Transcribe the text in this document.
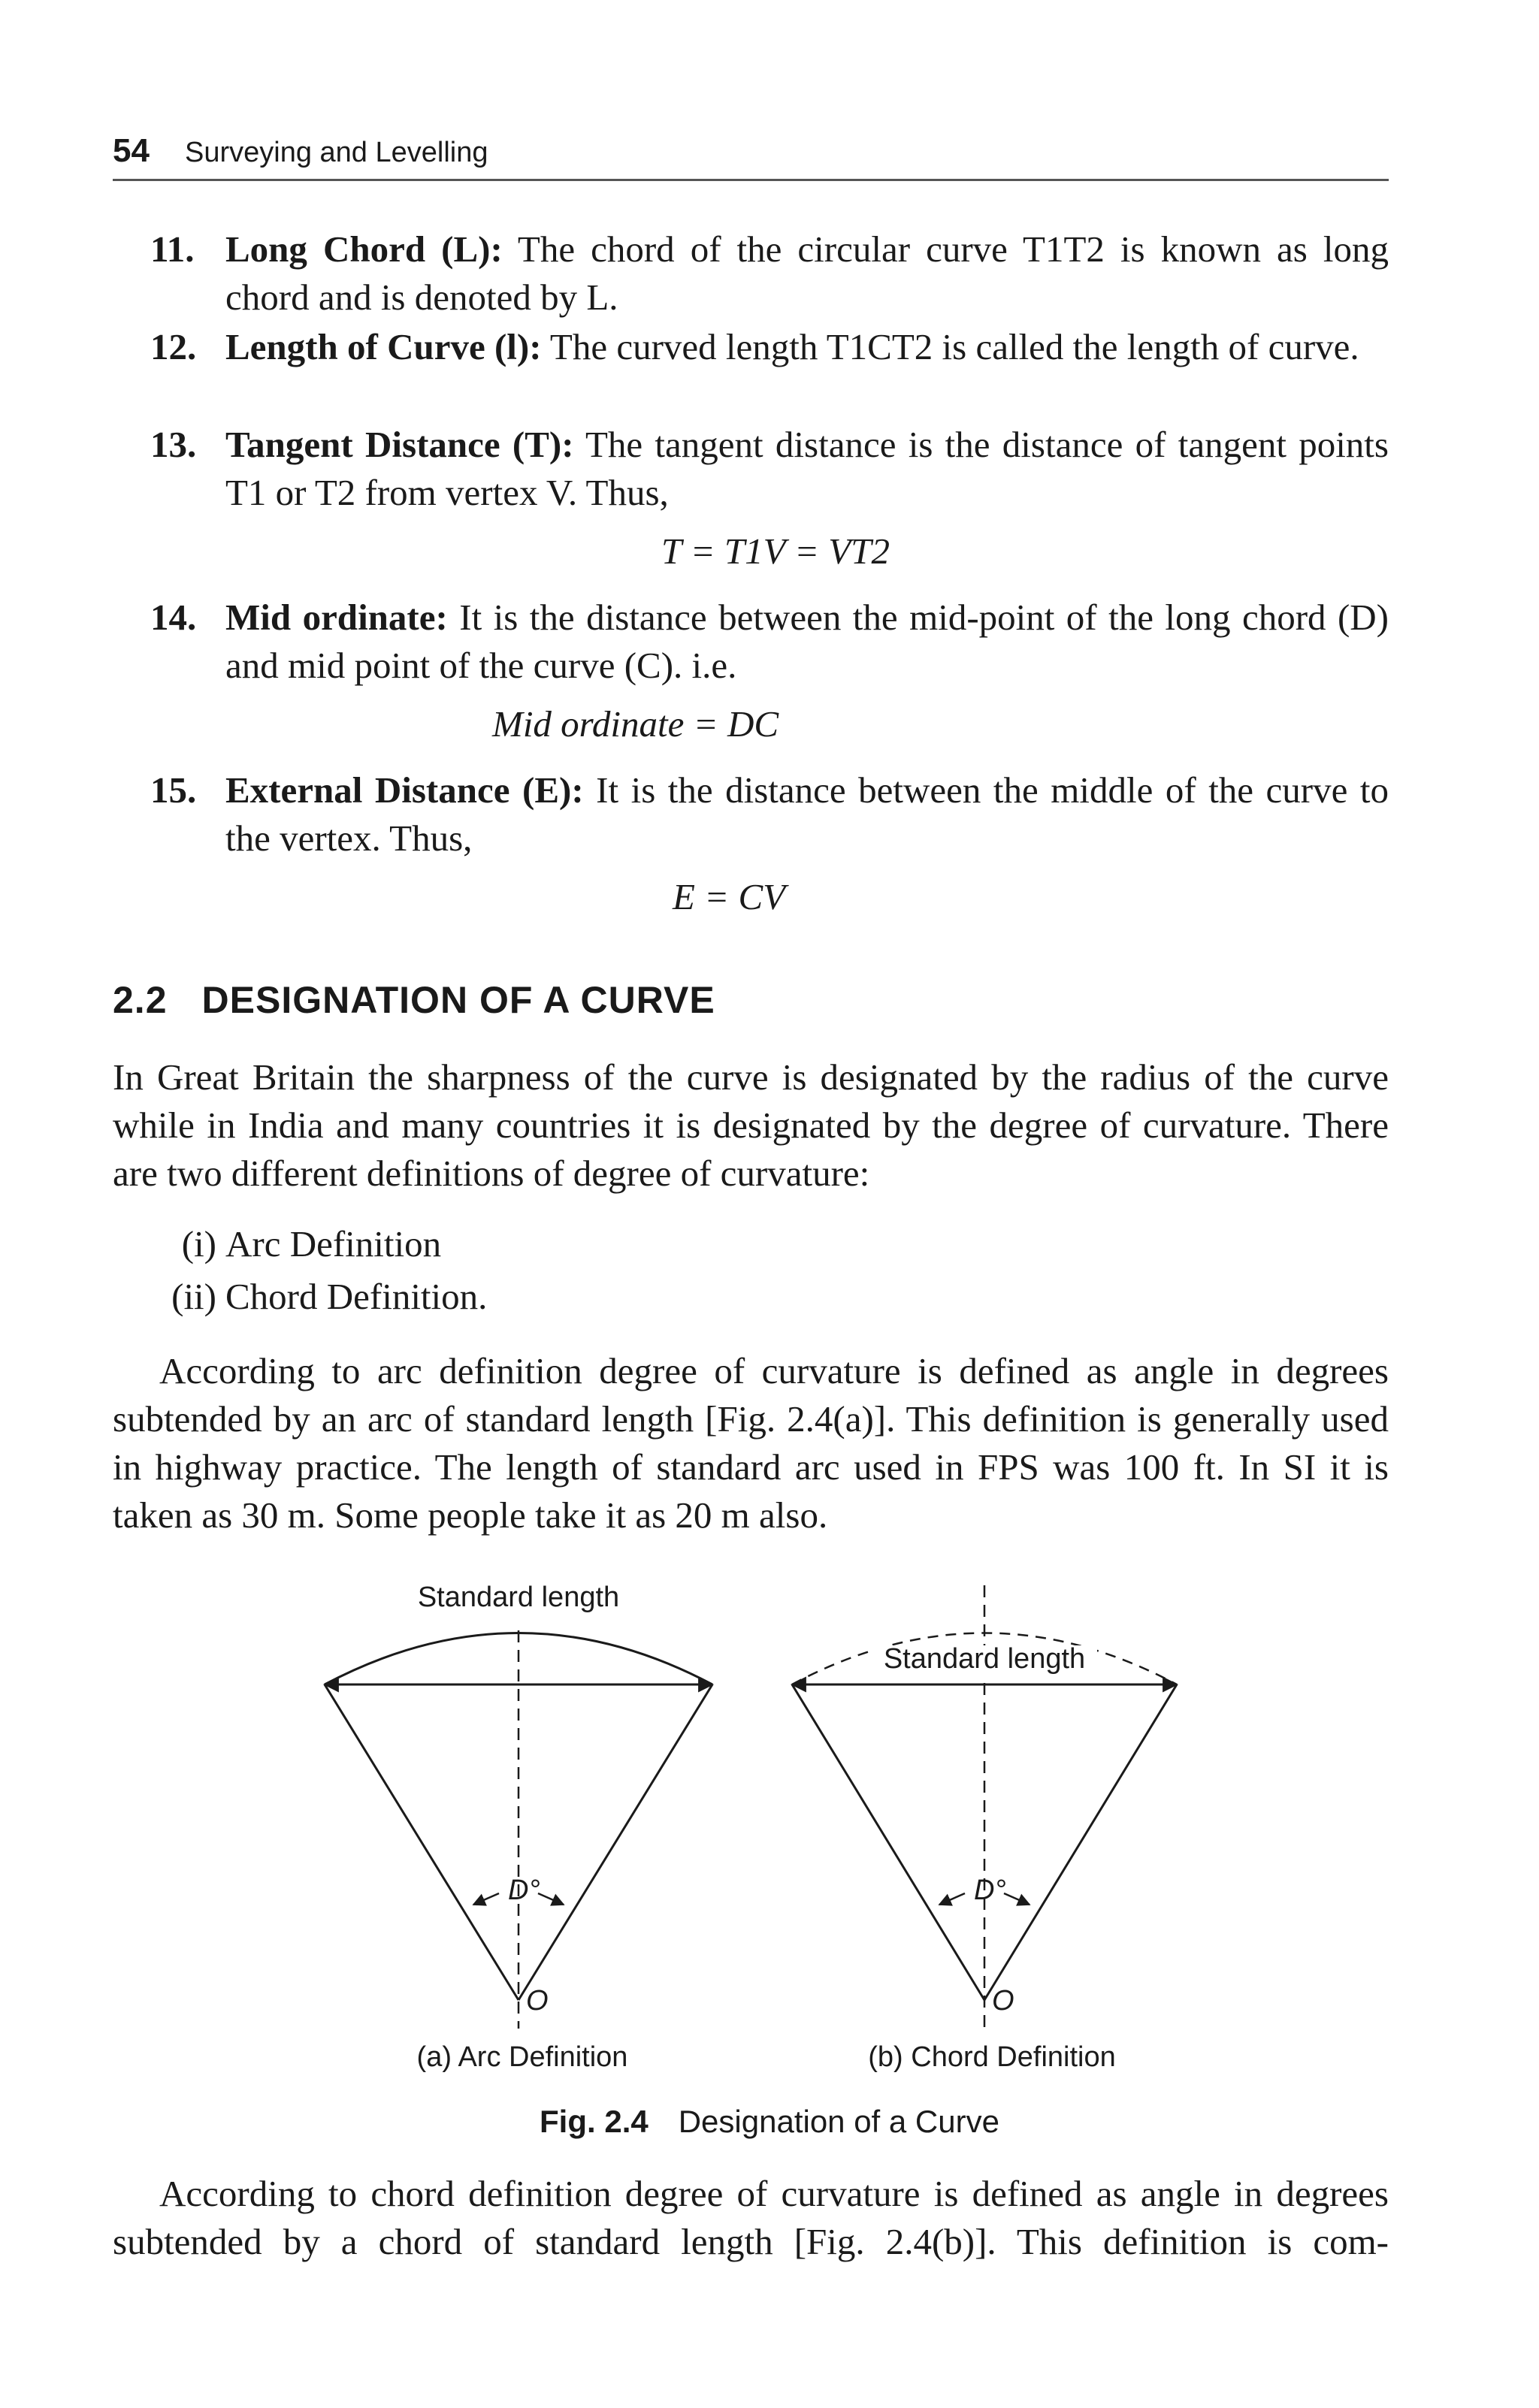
54 Surveying and Levelling
11. Long Chord (L): The chord of the circular curve T1T2 is known as long chord and is denoted by L.
12. Length of Curve (l): The curved length T1CT2 is called the length of curve.
13. Tangent Distance (T): The tangent distance is the distance of tangent points T1 or T2 from vertex V. Thus,
T = T1V = VT2
14. Mid ordinate: It is the distance between the mid-point of the long chord (D) and mid point of the curve (C). i.e.
Mid ordinate = DC
15. External Distance (E): It is the distance between the middle of the curve to the vertex. Thus,
E = CV
2.2 DESIGNATION OF A CURVE
In Great Britain the sharpness of the curve is designated by the radius of the curve while in India and many countries it is designated by the degree of curvature. There are two different definitions of degree of curvature:
(i) Arc Definition
(ii) Chord Definition.
According to arc definition degree of curvature is defined as angle in degrees subtended by an arc of standard length [Fig. 2.4(a)]. This definition is generally used in highway practice. The length of standard arc used in FPS was 100 ft. In SI it is taken as 30 m. Some people take it as 20 m also.
Standard length
D°
O
(a) Arc Definition
Standard length
D°
O
(b) Chord Definition
Fig. 2.4 Designation of a Curve
According to chord definition degree of curvature is defined as angle in degrees subtended by a chord of standard length [Fig. 2.4(b)]. This definition is com-
